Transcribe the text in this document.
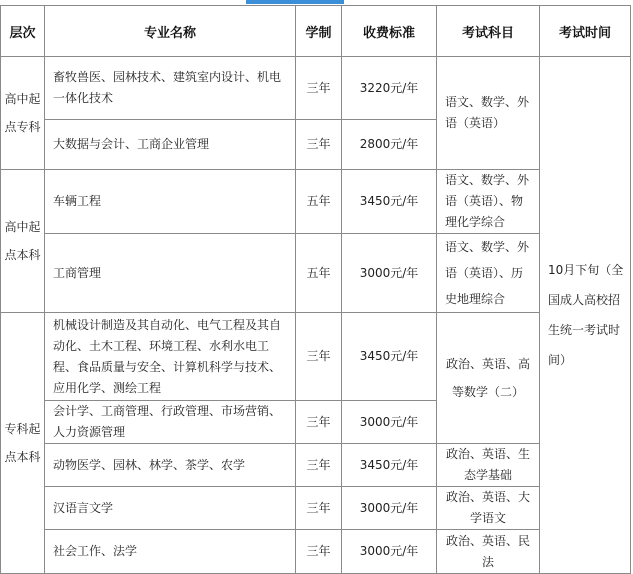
层次	专业名称	学制	收费标准	考试科目	考试时间
高中起点专科	畜牧兽医、园林技术、建筑室内设计、机电一体化技术	三年	3220元/年	语文、数学、外语（英语）	10月下旬（全国成人高校招生统一考试时间）
	大数据与会计、工商企业管理	三年	2800元/年		
高中起点本科	车辆工程	五年	3450元/年	语文、数学、外语（英语）、物理化学综合	
	工商管理	五年	3000元/年	语文、数学、外语（英语）、历史地理综合	
专科起点本科	机械设计制造及其自动化、电气工程及其自动化、土木工程、环境工程、水利水电工程、食品质量与安全、计算机科学与技术、应用化学、测绘工程	三年	3450元/年	政治、英语、高等数学（二）	
	会计学、工商管理、行政管理、市场营销、人力资源管理	三年	3000元/年		
	动物医学、园林、林学、茶学、农学	三年	3450元/年	政治、英语、生态学基础	
	汉语言文学	三年	3000元/年	政治、英语、大学语文	
	社会工作、法学	三年	3000元/年	政治、英语、民法	
